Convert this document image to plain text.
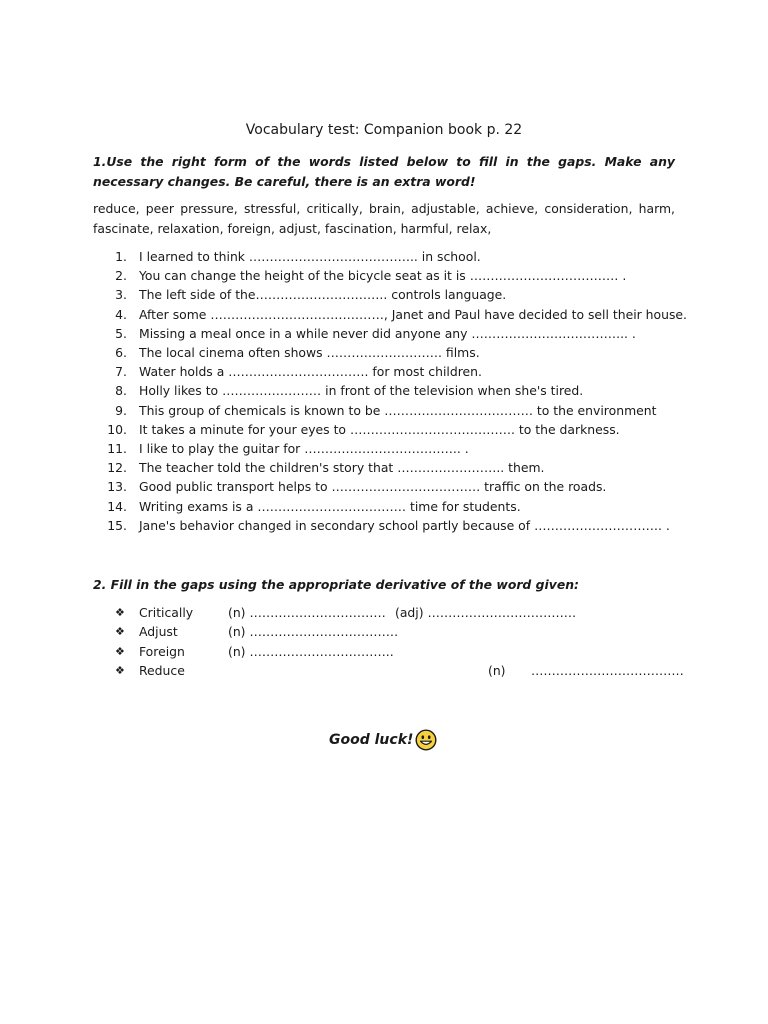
Vocabulary test: Companion book p. 22
1.Use the right form of the words listed below to fill in the gaps. Make any necessary changes. Be careful, there is an extra word!
reduce, peer pressure, stressful, critically, brain, adjustable, achieve, consideration, harm, fascinate, relaxation, foreign, adjust, fascination, harmful, relax,
1. I learned to think ………………………………….. in school.
2. You can change the height of the bicycle seat as it is ……………………………… .
3. The left side of the………………………….. controls language.
4. After some ……………………………………, Janet and Paul have decided to sell their house.
5. Missing a meal once in a while never did anyone any ……………………………….. .
6. The local cinema often shows ………………………. films.
7. Water holds a ……………………………. for most children.
8. Holly likes to …………………… in front of the television when she's tired.
9. This group of chemicals is known to be ……………………………… to the environment
10. It takes a minute for your eyes to …………………………………. to the darkness.
11. I like to play the guitar for ……………………………….. .
12. The teacher told the children's story that …………………….. them.
13. Good public transport helps to ……………………………… traffic on the roads.
14. Writing exams is a ……………………………… time for students.
15. Jane's behavior changed in secondary school partly because of …………………………. .
2. Fill in the gaps using the appropriate derivative of the word given:
❖ Critically	(n) …………………………… (adj) ………………………………
❖ Adjust	(n) ………………………………
❖ Foreign	(n) ……………………………..
❖ Reduce	(n) ……………………………….
Good luck!
